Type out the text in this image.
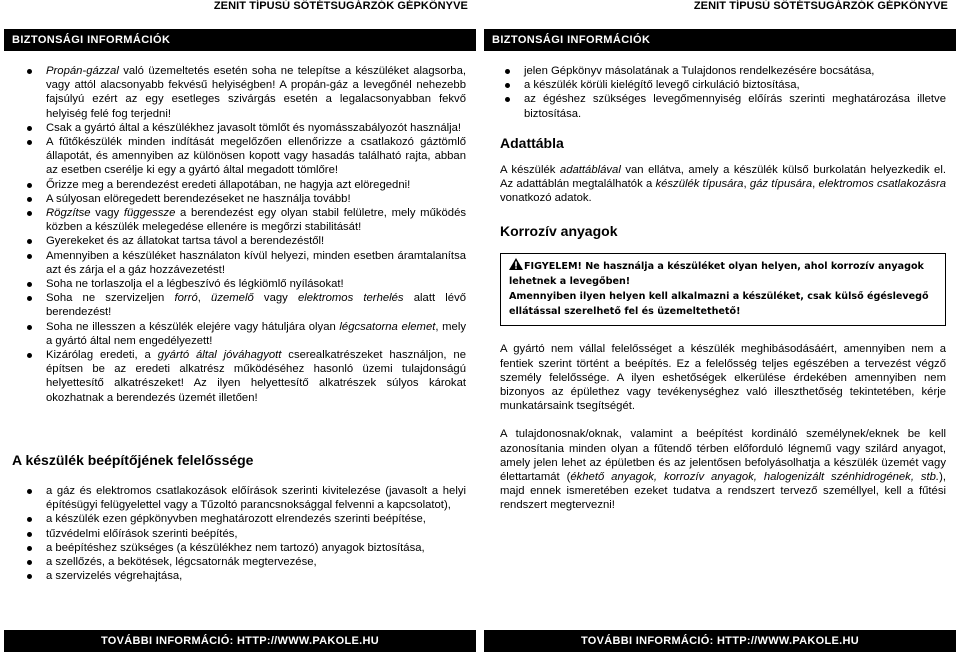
ZENIT TÍPUSÚ SÖTÉTSUGÁRZÓK GÉPKÖNYVE
BIZTONSÁGI INFORMÁCIÓK
Propán-gázzal való üzemeltetés esetén soha ne telepítse a készüléket alagsorba, vagy attól alacsonyabb fekvésű helyiségben! A propán-gáz a levegőnél nehezebb fajsúlyú ezért az egy esetleges szivárgás esetén a legalacsonyabban fekvő helyiség felé fog terjedni!
Csak a gyártó által a készülékhez javasolt tömlőt és nyomásszabályozót használja!
A fűtőkészülék minden indítását megelőzően ellenőrizze a csatlakozó gáztömlő állapotát, és amennyiben az különösen kopott vagy hasadás található rajta, abban az esetben cserélje ki egy a gyártó által megadott tömlőre!
Őrizze meg a berendezést eredeti állapotában, ne hagyja azt elöregedni!
A súlyosan elöregedett berendezéseket ne használja tovább!
Rögzítse vagy függessze a berendezést egy olyan stabil felületre, mely működés közben a készülék melegedése ellenére is megőrzi stabilitását!
Gyerekeket és az állatokat tartsa távol a berendezéstől!
Amennyiben a készüléket használaton kívül helyezi, minden esetben áramtalanítsa azt és zárja el a gáz hozzávezetést!
Soha ne torlaszolja el a légbeszívó és légkiömlő nyílásokat!
Soha ne szervizeljen forró, üzemelő vagy elektromos terhelés alatt lévő berendezést!
Soha ne illesszen a készülék elejére vagy hátuljára olyan légcsatorna elemet, mely a gyártó által nem engedélyezett!
Kizárólag eredeti, a gyártó által jóváhagyott cserealkatrészeket használjon, ne építsen be az eredeti alkatrész működéséhez hasonló üzemi tulajdonságú helyettesítő alkatrészeket! Az ilyen helyettesítő alkatrészek súlyos károkat okozhatnak a berendezés üzemét illetően!
A készülék beépítőjének felelőssége
a gáz és elektromos csatlakozások előírások szerinti kivitelezése (javasolt a helyi építésügyi felügyelettel vagy a Tűzoltó parancsnoksággal felvenni a kapcsolatot),
a készülék ezen gépkönyvben meghatározott elrendezés szerinti beépítése,
tűzvédelmi előírások szerinti beépítés,
a beépítéshez szükséges (a készülékhez nem tartozó) anyagok biztosítása,
a szellőzés, a bekötések, légcsatornák megtervezése,
a szervizelés végrehajtása,
TOVÁBBI INFORMÁCIÓ: HTTP://WWW.PAKOLE.HU
ZENIT TÍPUSÚ SÖTÉTSUGÁRZÓK GÉPKÖNYVE
BIZTONSÁGI INFORMÁCIÓK
jelen Gépkönyv másolatának a Tulajdonos rendelkezésére bocsátása,
a készülék körüli kielégítő levegő cirkuláció biztosítása,
az égéshez szükséges levegőmennyiség előírás szerinti meghatározása illetve biztosítása.
Adattábla

A készülék adattáblával van ellátva, amely a készülék külső burkolatán helyezkedik el. Az adattáblán megtalálhatók a készülék típusára, gáz típusára, elektromos csatlakozásra vonatkozó adatok.

Korrozív anyagok
FIGYELEM! Ne használja a készüléket olyan helyen, ahol korrozív anyagok lehetnek a levegőben!
Amennyiben ilyen helyen kell alkalmazni a készüléket, csak külső égéslevegő ellátással szerelhető fel és üzemeltethető!

A gyártó nem vállal felelősséget a készülék meghibásodásáért, amennyiben nem a fentiek szerint történt a beépítés. Ez a felelősség teljes egészében a tervezést végző személy felelőssége. A ilyen eshetőségek elkerülése érdekében amennyiben nem bizonyos az épülethez vagy tevékenységhez való illeszthetőség tekintetében, kérje munkatársaink tsegítségét.

A tulajdonosnak/oknak, valamint a beépítést kordináló személynek/eknek be kell azonosítania minden olyan a fűtendő térben előforduló légnemű vagy szilárd anyagot, amely jelen lehet az épületben és az jelentősen befolyásolhatja a készülék üzemét vagy élettartamát (ékhető anyagok, korrozív anyagok, halogenizált szénhidrogének, stb.), majd ennek ismeretében ezeket tudatva a rendszert tervező személlyel, kell a fűtési rendszert megtervezni!

TOVÁBBI INFORMÁCIÓ: HTTP://WWW.PAKOLE.HU
